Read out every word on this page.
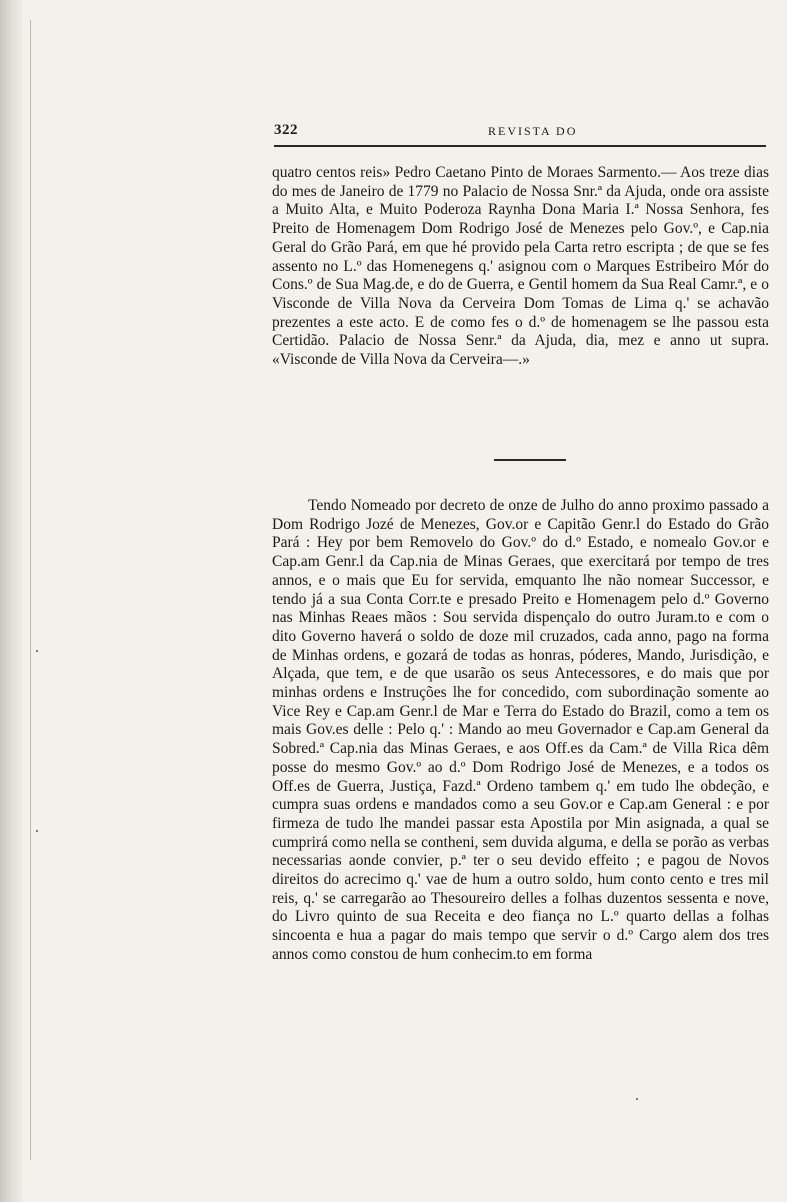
322	REVISTA DO

quatro centos reis» Pedro Caetano Pinto de Moraes Sarmento.— Aos treze dias do mes de Janeiro de 1779 no Palacio de Nossa Snr.ª da Ajuda, onde ora assiste a Muito Alta, e Muito Poderoza Raynha Dona Maria I.ª Nossa Senhora, fes Preito de Homenagem Dom Rodrigo José de Menezes pelo Gov.º, e Cap.nia Geral do Grão Pará, em que hé provido pela Carta retro escripta ; de que se fes assento no L.º das Homenegens q.' asignou com o Marques Estribeiro Mór do Cons.º de Sua Mag.de, e do de Guerra, e Gentil homem da Sua Real Camr.ª, e o Visconde de Villa Nova da Cerveira Dom Tomas de Lima q.' se achavão prezentes a este acto. E de como fes o d.º de homenagem se lhe passou esta Certidão. Palacio de Nossa Senr.ª da Ajuda, dia, mez e anno ut supra. «Visconde de Villa Nova da Cerveira—.»

Tendo Nomeado por decreto de onze de Julho do anno proximo passado a Dom Rodrigo Jozé de Menezes, Gov.or e Capitão Genr.l do Estado do Grão Pará : Hey por bem Removelo do Gov.º do d.º Estado, e nomealo Gov.or e Cap.am Genr.l da Cap.nia de Minas Geraes, que exercitará por tempo de tres annos, e o mais que Eu for servida, emquanto lhe não nomear Successor, e tendo já a sua Conta Corr.te e presado Preito e Homenagem pelo d.º Governo nas Minhas Reaes mãos : Sou servida dispençalo do outro Juram.to e com o dito Governo haverá o soldo de doze mil cruzados, cada anno, pago na forma de Minhas ordens, e gozará de todas as honras, póderes, Mando, Jurisdição, e Alçada, que tem, e de que usarão os seus Antecessores, e do mais que por minhas ordens e Instruções lhe for concedido, com subordinação somente ao Vice Rey e Cap.am Genr.l de Mar e Terra do Estado do Brazil, como a tem os mais Gov.es delle : Pelo q.' : Mando ao meu Governador e Cap.am General da Sobred.ª Cap.nia das Minas Geraes, e aos Off.es da Cam.ª de Villa Rica dêm posse do mesmo Gov.º ao d.º Dom Rodrigo José de Menezes, e a todos os Off.es de Guerra, Justiça, Fazd.ª Ordeno tambem q.' em tudo lhe obdeção, e cumpra suas ordens e mandados como a seu Gov.or e Cap.am General : e por firmeza de tudo lhe mandei passar esta Apostila por Min asignada, a qual se cumprirá como nella se contheni, sem duvida alguma, e della se porão as verbas necessarias aonde convier, p.ª ter o seu devido effeito ; e pagou de Novos direitos do acrecimo q.' vae de hum a outro soldo, hum conto cento e tres mil reis, q.' se carregarão ao Thesoureiro delles a folhas duzentos sessenta e nove, do Livro quinto de sua Receita e deo fiança no L.º quarto dellas a folhas sincoenta e hua a pagar do mais tempo que servir o d.º Cargo alem dos tres annos como constou de hum conhecim.to em forma
